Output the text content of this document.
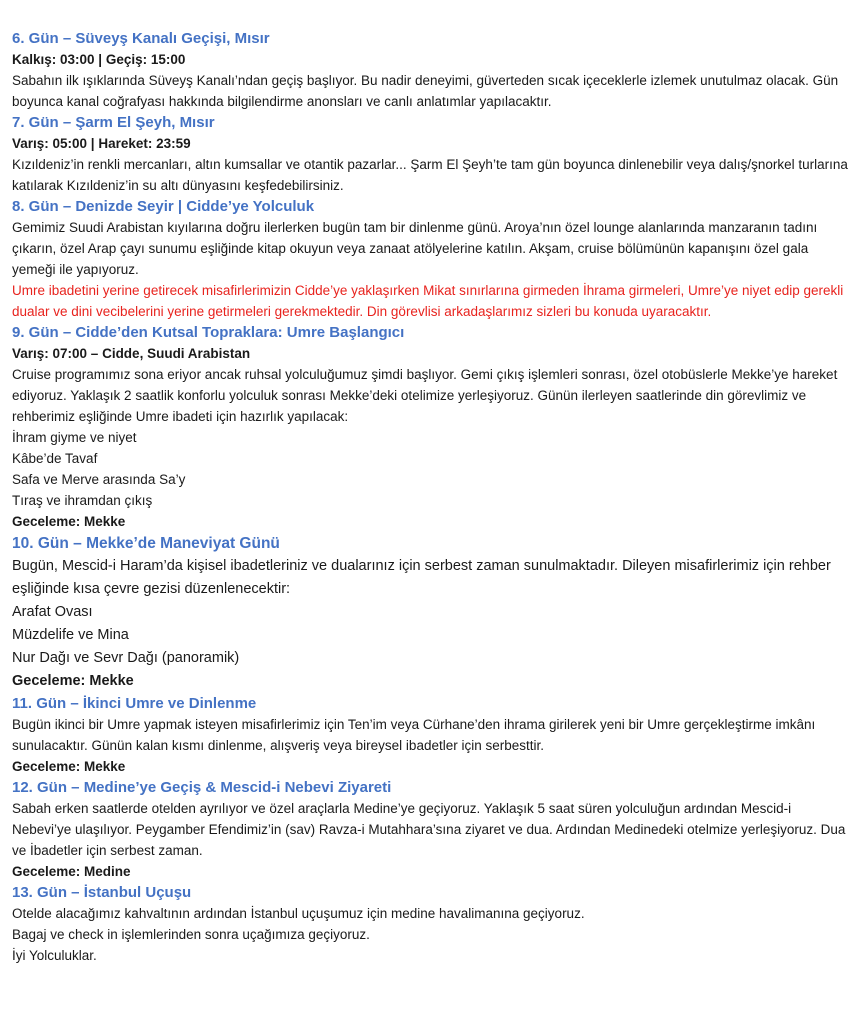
6. Gün – Süveyş Kanalı Geçişi, Mısır
Kalkış: 03:00 | Geçiş: 15:00
Sabahın ilk ışıklarında Süveyş Kanalı’ndan geçiş başlıyor. Bu nadir deneyimi, güverteden sıcak içeceklerle izlemek unutulmaz olacak. Gün boyunca kanal coğrafyası hakkında bilgilendirme anonsları ve canlı anlatımlar yapılacaktır.
7. Gün – Şarm El Şeyh, Mısır
Varış: 05:00 | Hareket: 23:59
Kızıldeniz’in renkli mercanları, altın kumsallar ve otantik pazarlar... Şarm El Şeyh’te tam gün boyunca dinlenebilir veya dalış/şnorkel turlarına katılarak Kızıldeniz’in su altı dünyasını keşfedebilirsiniz.
8. Gün – Denizde Seyir | Cidde’ye Yolculuk
Gemimiz Suudi Arabistan kıyılarına doğru ilerlerken bugün tam bir dinlenme günü. Aroya’nın özel lounge alanlarında manzaranın tadını çıkarın, özel Arap çayı sunumu eşliğinde kitap okuyun veya zanaat atölyelerine katılın. Akşam, cruise bölümünün kapanışını özel gala yemeği ile yapıyoruz.
Umre ibadetini yerine getirecek misafirlerimizin Cidde’ye yaklaşırken Mikat sınırlarına girmeden İhrama girmeleri, Umre’ye niyet edip gerekli dualar ve dini vecibelerini yerine getirmeleri gerekmektedir. Din görevlisi arkadaşlarımız sizleri bu konuda uyaracaktır.
9. Gün – Cidde’den Kutsal Topraklara: Umre Başlangıcı
Varış: 07:00 – Cidde, Suudi Arabistan
Cruise programımız sona eriyor ancak ruhsal yolculuğumuz şimdi başlıyor. Gemi çıkış işlemleri sonrası, özel otobüslerle Mekke’ye hareket ediyoruz. Yaklaşık 2 saatlik konforlu yolculuk sonrası Mekke’deki otelimize yerleşiyoruz. Günün ilerleyen saatlerinde din görevlimiz ve rehberimiz eşliğinde Umre ibadeti için hazırlık yapılacak:
İhram giyme ve niyet
Kâbe’de Tavaf
Safa ve Merve arasında Sa’y
Tıraş ve ihramdan çıkış
Geceleme: Mekke
10. Gün – Mekke’de Maneviyat Günü
Bugün, Mescid-i Haram’da kişisel ibadetleriniz ve dualarınız için serbest zaman sunulmaktadır. Dileyen misafirlerimiz için rehber eşliğinde kısa çevre gezisi düzenlenecektir:
Arafat Ovası
Müzdelife ve Mina
Nur Dağı ve Sevr Dağı (panoramik)
Geceleme: Mekke
11. Gün – İkinci Umre ve Dinlenme
Bugün ikinci bir Umre yapmak isteyen misafirlerimiz için Ten’im veya Cürhane’den ihrama girilerek yeni bir Umre gerçekleştirme imkânı sunulacaktır. Günün kalan kısmı dinlenme, alışveriş veya bireysel ibadetler için serbesttir.
Geceleme: Mekke
12. Gün – Medine’ye Geçiş & Mescid-i Nebevi Ziyareti
Sabah erken saatlerde otelden ayrılıyor ve özel araçlarla Medine’ye geçiyoruz. Yaklaşık 5 saat süren yolculuğun ardından Mescid-i Nebevi’ye ulaşılıyor. Peygamber Efendimiz’in (sav) Ravza-i Mutahhara’sına ziyaret ve dua. Ardından Medinedeki otelmize yerleşiyoruz. Dua ve İbadetler için serbest zaman.
Geceleme: Medine
13. Gün – İstanbul Uçuşu
Otelde alacağımız kahvaltının ardından İstanbul uçuşumuz için medine havalimanına geçiyoruz.
Bagaj ve check in işlemlerinden sonra uçağımıza geçiyoruz.
İyi Yolculuklar.
